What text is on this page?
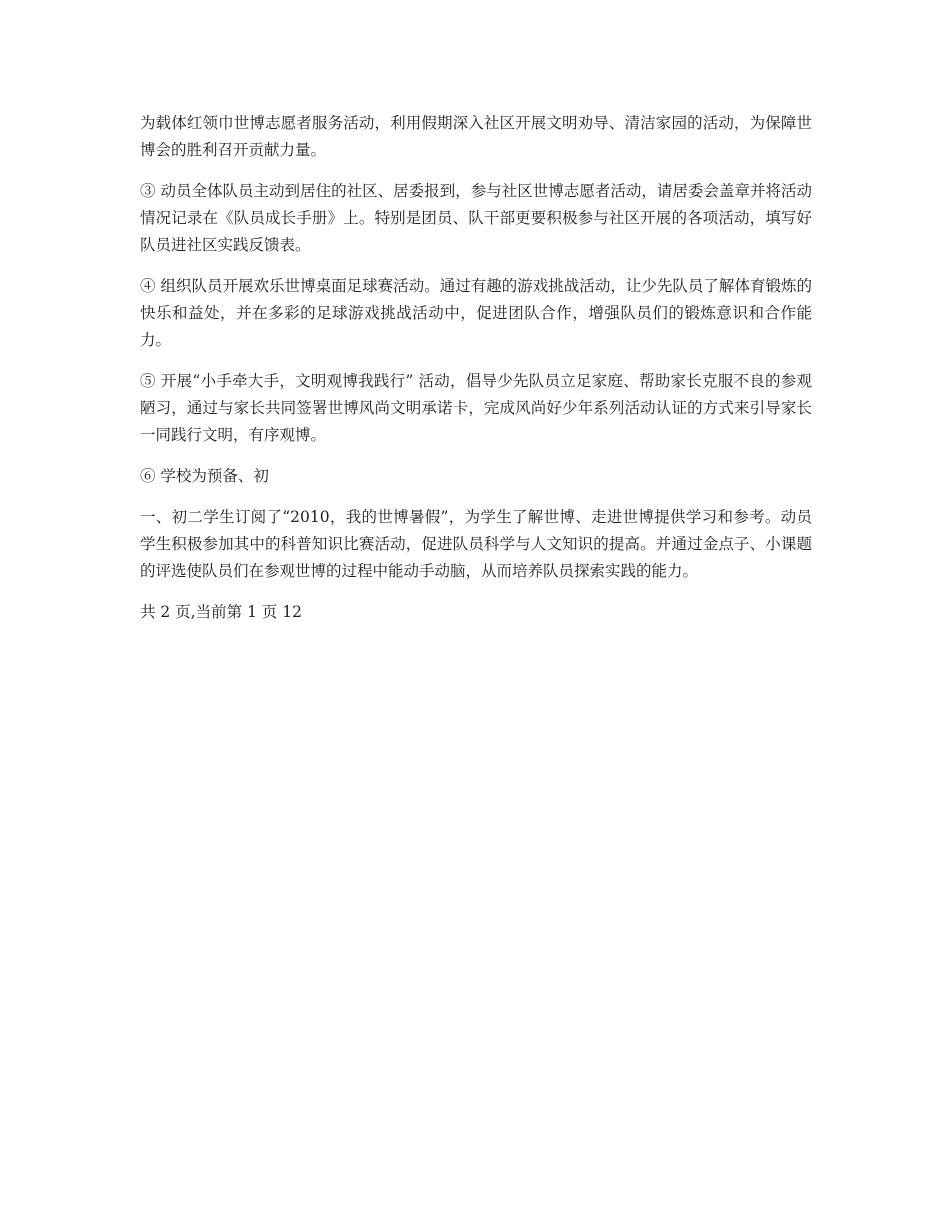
为载体红领巾世博志愿者服务活动，利用假期深入社区开展文明劝导、清洁家园的活动，为保障世博会的胜利召开贡献力量。

③ 动员全体队员主动到居住的社区、居委报到，参与社区世博志愿者活动，请居委会盖章并将活动情况记录在《队员成长手册》上。特别是团员、队干部更要积极参与社区开展的各项活动，填写好队员进社区实践反馈表。

④ 组织队员开展欢乐世博桌面足球赛活动。通过有趣的游戏挑战活动，让少先队员了解体育锻炼的快乐和益处，并在多彩的足球游戏挑战活动中，促进团队合作，增强队员们的锻炼意识和合作能力。

⑤ 开展“小手牵大手，文明观博我践行” 活动，倡导少先队员立足家庭、帮助家长克服不良的参观陋习，通过与家长共同签署世博风尚文明承诺卡，完成风尚好少年系列活动认证的方式来引导家长一同践行文明，有序观博。

⑥ 学校为预备、初

一、初二学生订阅了“2010，我的世博暑假”，为学生了解世博、走进世博提供学习和参考。动员学生积极参加其中的科普知识比赛活动，促进队员科学与人文知识的提高。并通过金点子、小课题的评选使队员们在参观世博的过程中能动手动脑，从而培养队员探索实践的能力。

共 2 页,当前第 1 页 12
